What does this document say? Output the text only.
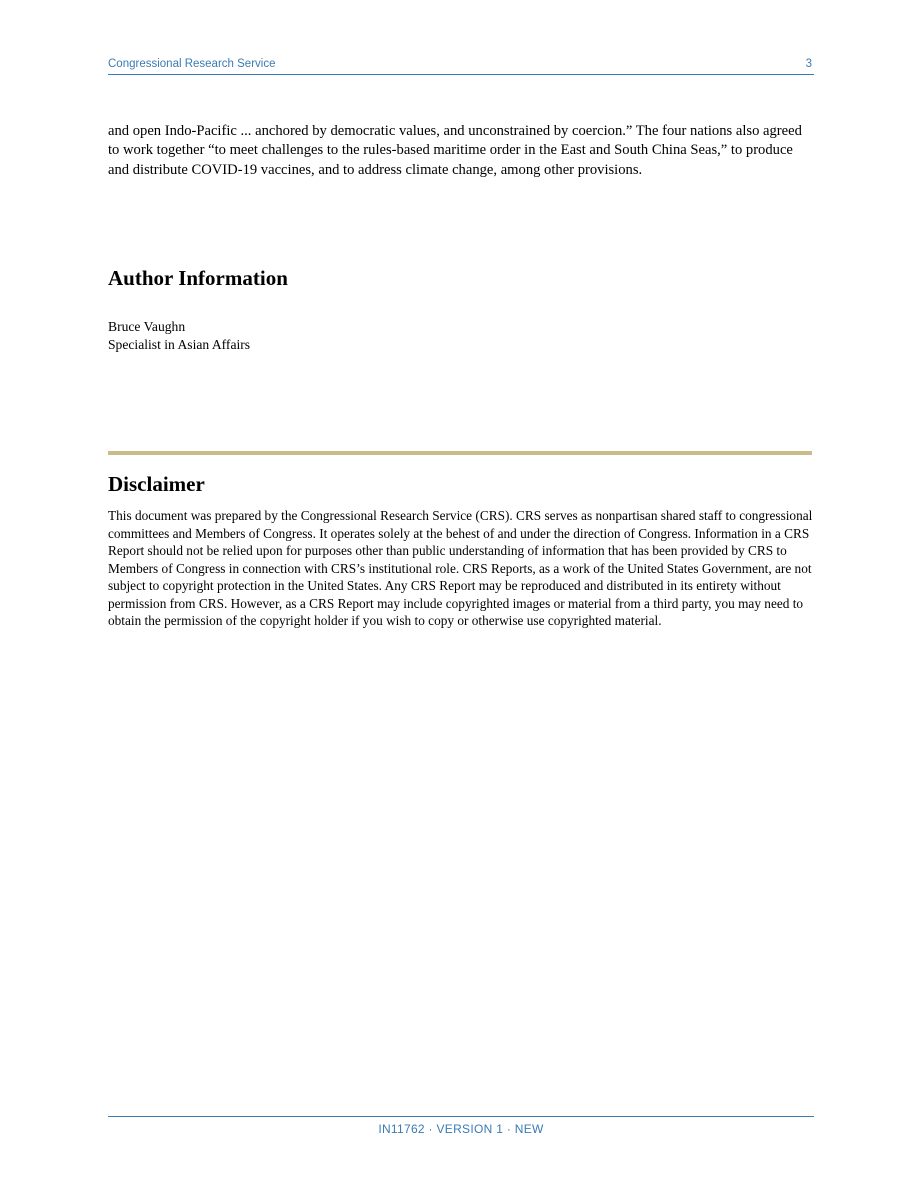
Congressional Research Service	3

and open Indo-Pacific ... anchored by democratic values, and unconstrained by coercion.” The four nations also agreed to work together “to meet challenges to the rules-based maritime order in the East and South China Seas,” to produce and distribute COVID-19 vaccines, and to address climate change, among other provisions.

Author Information
Bruce Vaughn
Specialist in Asian Affairs
Disclaimer

This document was prepared by the Congressional Research Service (CRS). CRS serves as nonpartisan shared staff to congressional committees and Members of Congress. It operates solely at the behest of and under the direction of Congress. Information in a CRS Report should not be relied upon for purposes other than public understanding of information that has been provided by CRS to Members of Congress in connection with CRS’s institutional role. CRS Reports, as a work of the United States Government, are not subject to copyright protection in the United States. Any CRS Report may be reproduced and distributed in its entirety without permission from CRS. However, as a CRS Report may include copyrighted images or material from a third party, you may need to obtain the permission of the copyright holder if you wish to copy or otherwise use copyrighted material.

IN11762 · VERSION 1 · NEW
